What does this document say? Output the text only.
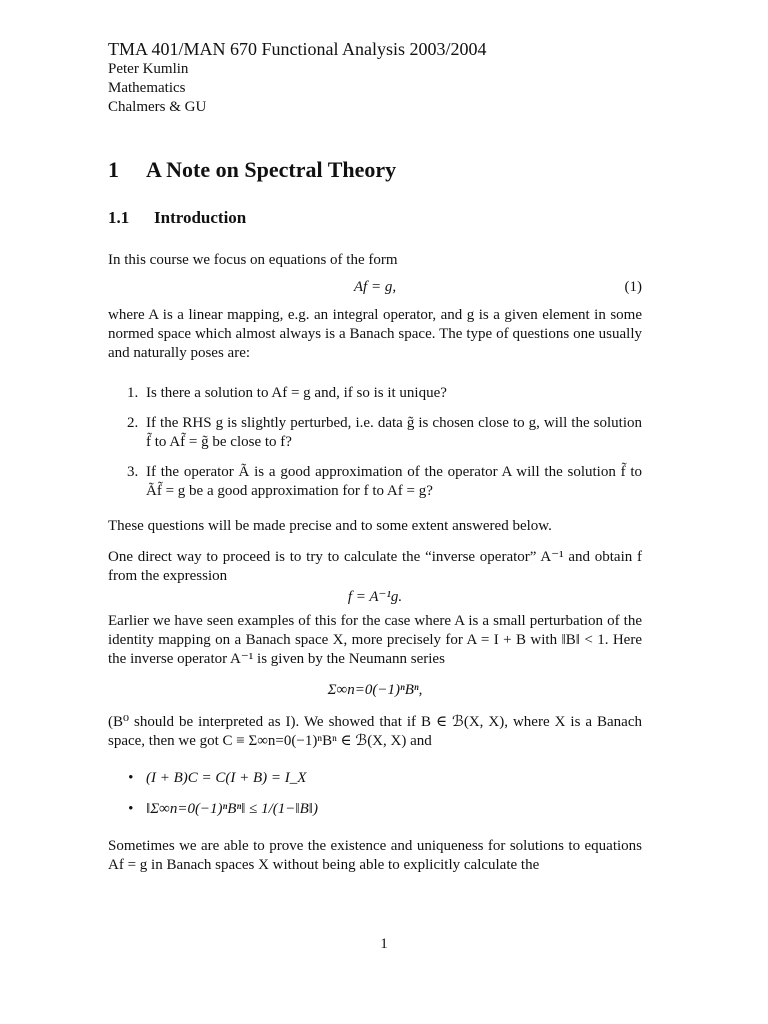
TMA 401/MAN 670 Functional Analysis 2003/2004
Peter Kumlin
Mathematics
Chalmers & GU
1 A Note on Spectral Theory
1.1 Introduction

In this course we focus on equations of the form

Af = g,	(1)

where A is a linear mapping, e.g. an integral operator, and g is a given element in some normed space which almost always is a Banach space. The type of questions one usually and naturally poses are:

1. Is there a solution to Af = g and, if so is it unique?
2. If the RHS g is slightly perturbed, i.e. data g̃ is chosen close to g, will the solution f̃ to Af̃ = g̃ be close to f?
3. If the operator Ã is a good approximation of the operator A will the solution f̃ to Ãf̃ = g be a good approximation for f to Af = g?

These questions will be made precise and to some extent answered below.

One direct way to proceed is to try to calculate the “inverse operator” A⁻¹ and obtain f from the expression

f = A⁻¹g.

Earlier we have seen examples of this for the case where A is a small perturbation of the identity mapping on a Banach space X, more precisely for A = I + B with ‖B‖ < 1. Here the inverse operator A⁻¹ is given by the Neumann series

Σ∞n=0(−1)ⁿBⁿ,

(B⁰ should be interpreted as I). We showed that if B ∈ ℬ(X, X), where X is a Banach space, then we got C ≡ Σ∞n=0(−1)ⁿBⁿ ∈ ℬ(X, X) and

• (I + B)C = C(I + B) = I_X
• ‖Σ∞n=0(−1)ⁿBⁿ‖ ≤ 1/(1−‖B‖)

Sometimes we are able to prove the existence and uniqueness for solutions to equations Af = g in Banach spaces X without being able to explicitly calculate the

1
